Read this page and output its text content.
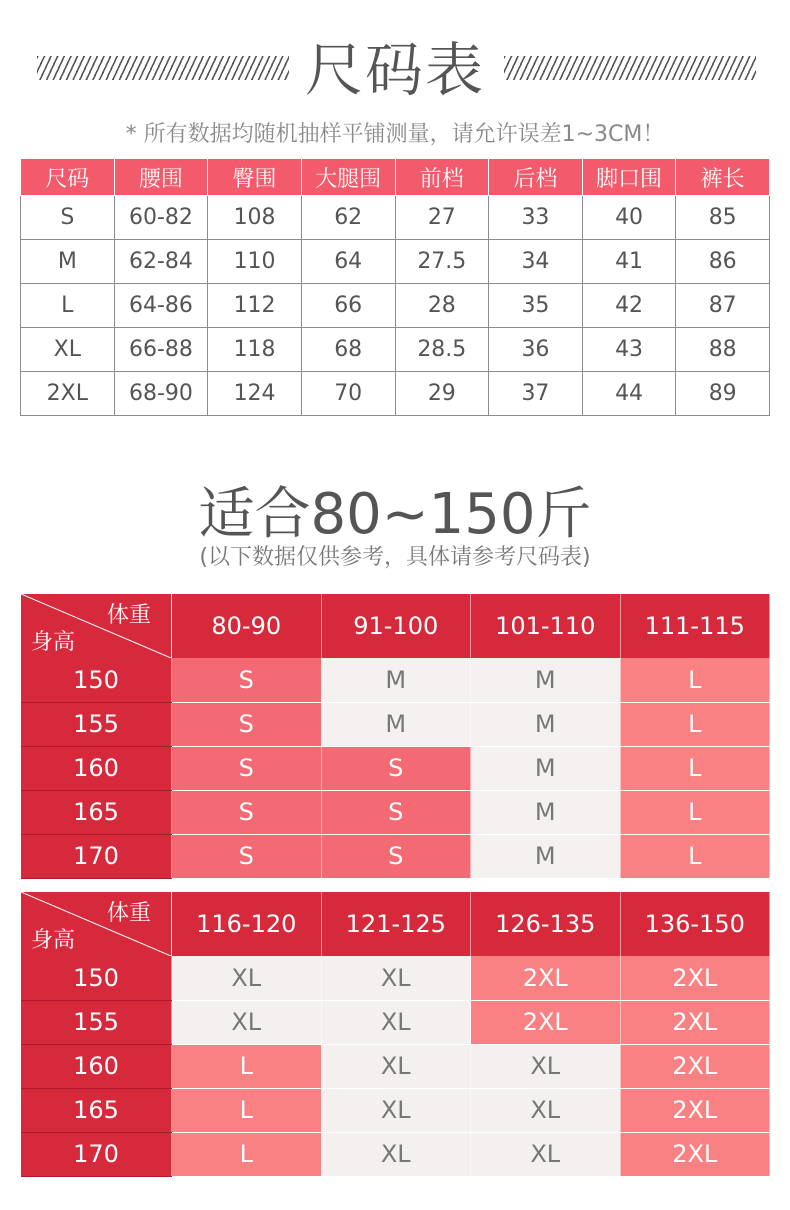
尺码表
* 所有数据均随机抽样平铺测量，请允许误差1~3CM！
尺码	腰围	臀围	大腿围	前档	后档	脚口围	裤长
S	60-82	108	62	27	33	40	85
M	62-84	110	64	27.5	34	41	86
L	64-86	112	66	28	35	42	87
XL	66-88	118	68	28.5	36	43	88
2XL	68-90	124	70	29	37	44	89
适合80~150斤
(以下数据仅供参考，具体请参考尺码表)
体重
身高	80-90	91-100	101-110	111-115
150	S	M	M	L
155	S	M	M	L
160	S	S	M	L
165	S	S	M	L
170	S	S	M	L
体重
身高	116-120	121-125	126-135	136-150
150	XL	XL	2XL	2XL
155	XL	XL	2XL	2XL
160	L	XL	XL	2XL
165	L	XL	XL	2XL
170	L	XL	XL	2XL
